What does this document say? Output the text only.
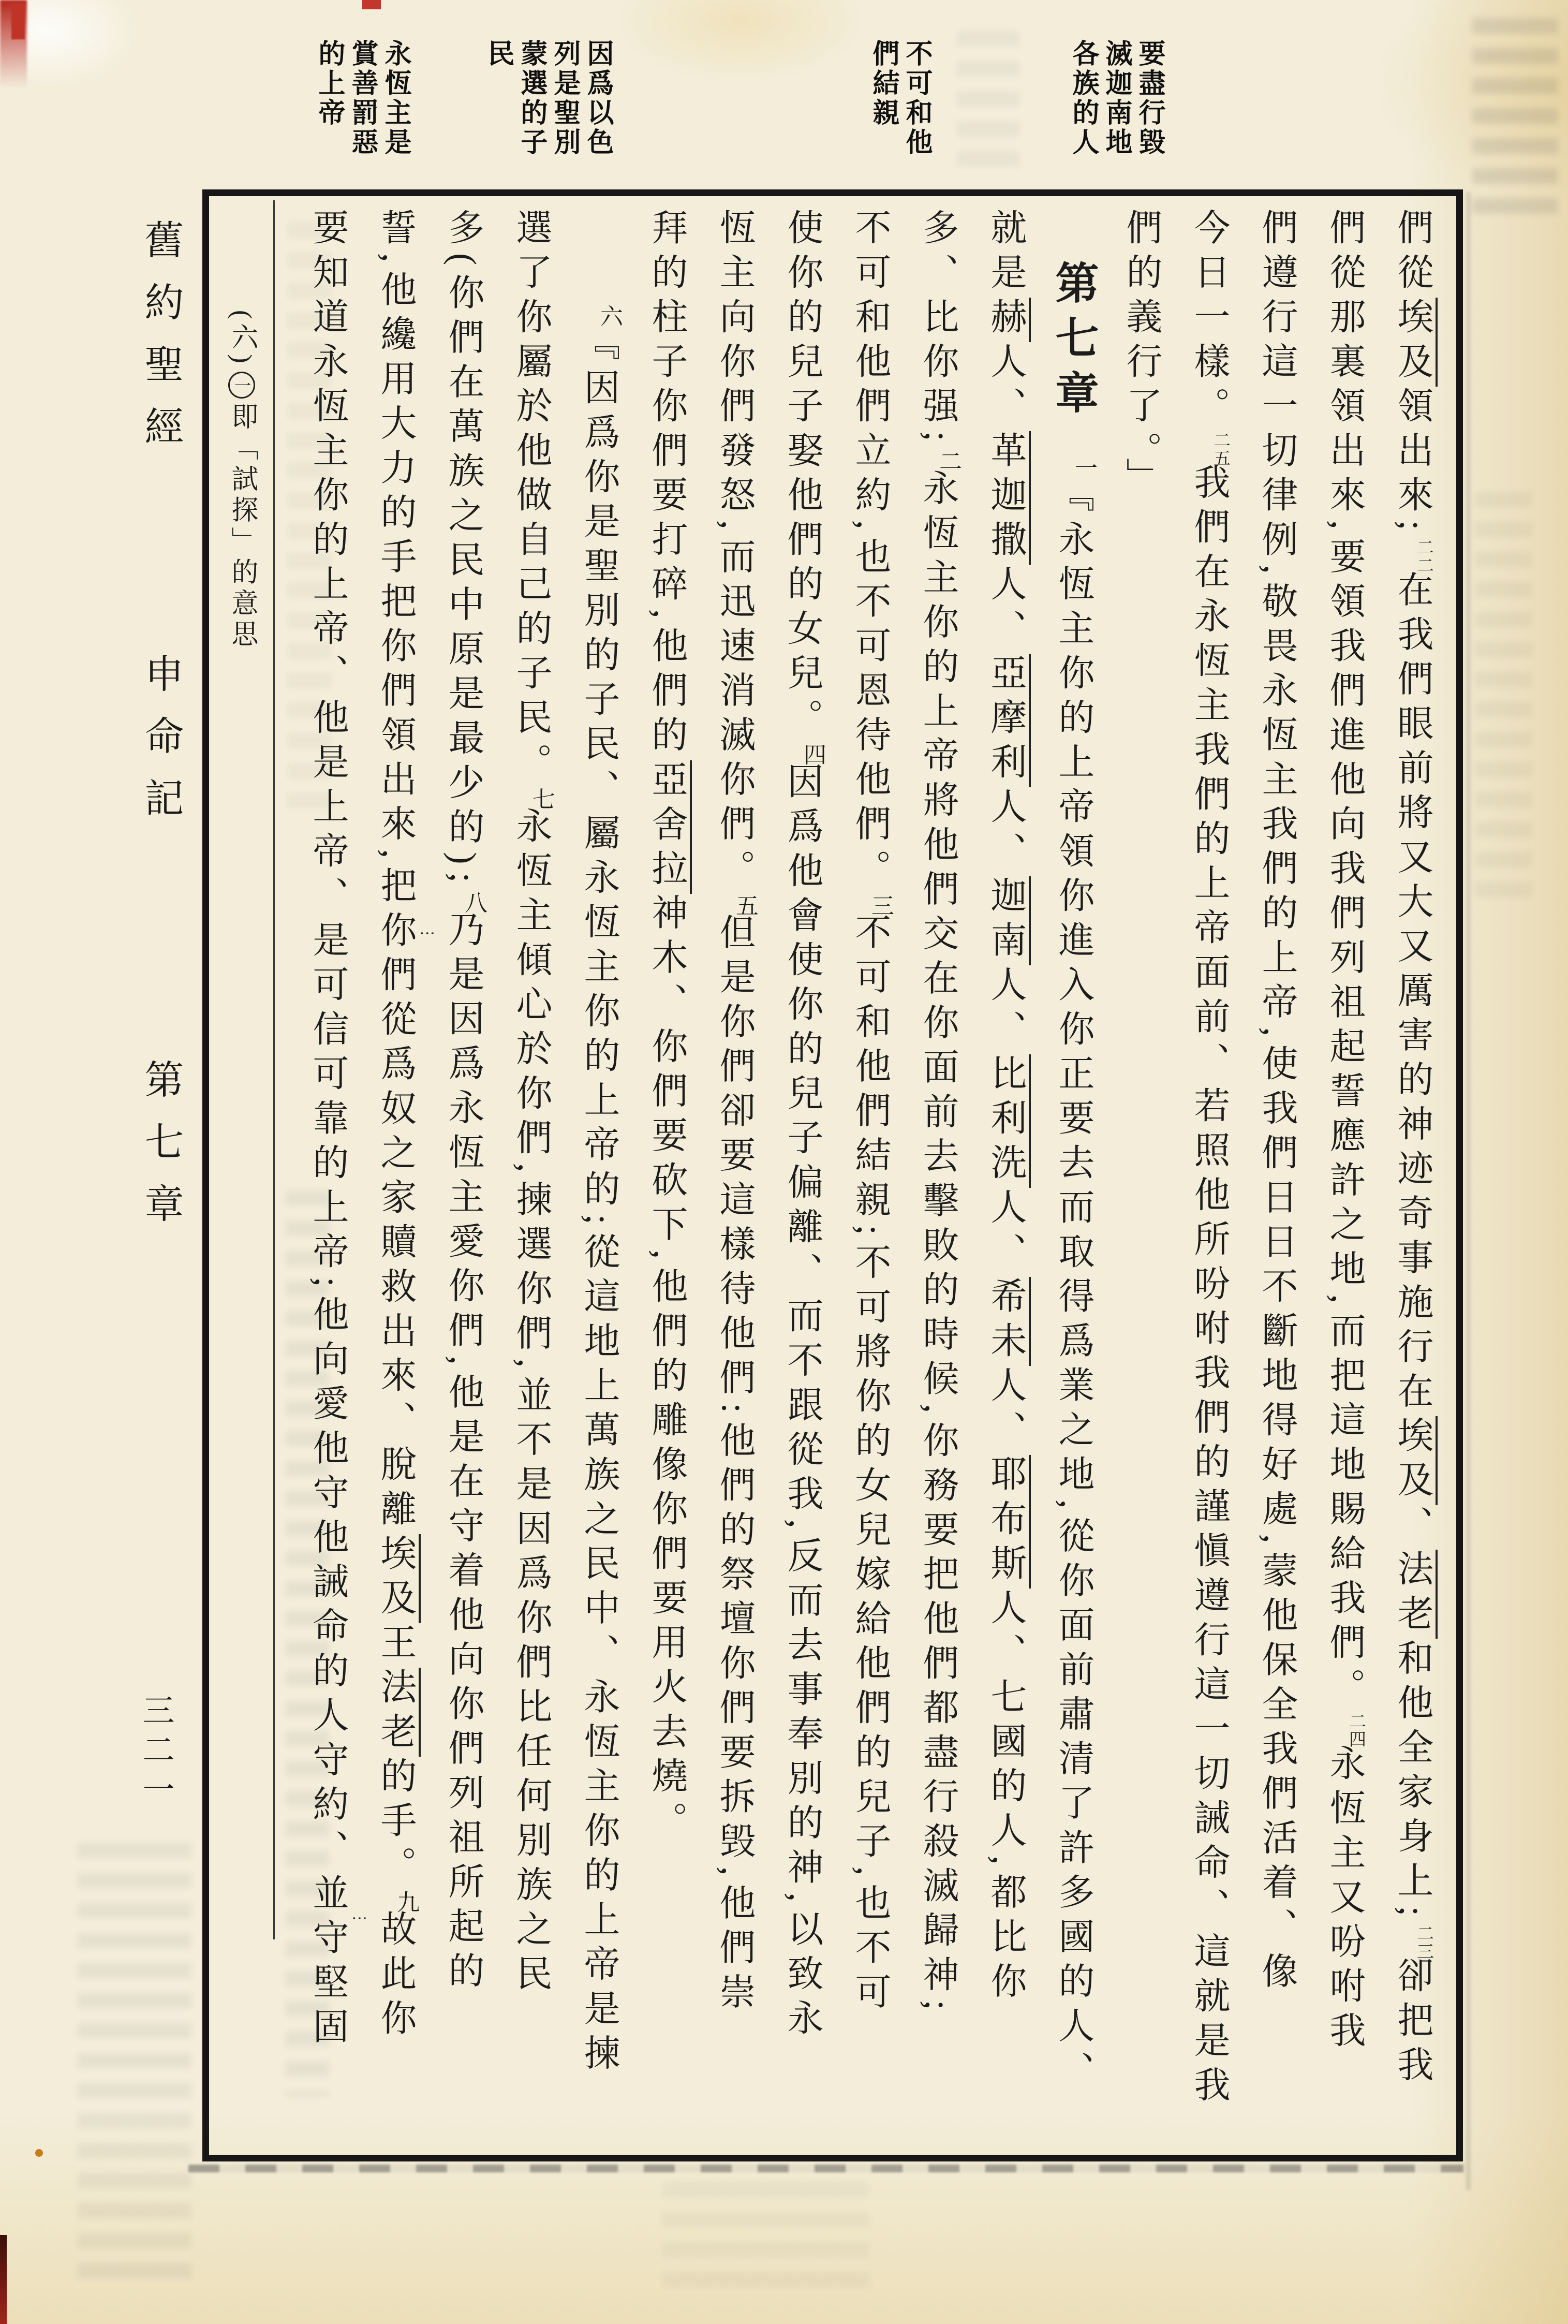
要盡行毀
滅迦南地
各族的人
不可和他
們結親
因爲以色
列是聖別
蒙選的子
民
永恆主是
賞善罰惡
的上帝
舊約聖經
申命記
第七章
三二一
們從埃及領出來;二二在我們眼前將又大又厲害的神迹奇事施行在埃及、法老和他全家身上;二三卻把我
們從那裏領出來,要領我們進他向我們列祖起誓應許之地,而把這地賜給我們。二四永恆主又吩咐我
們遵行這一切律例,敬畏永恆主我們的上帝,使我們日日不斷地得好處,蒙他保全我們活着、像
今日一樣。二五我們在永恆主我們的上帝面前、若照他所吩咐我們的謹愼遵行這一切誡命、這就是我
們的義行了。」
第七章一『永恆主你的上帝領你進入你正要去而取得爲業之地,從你面前肅清了許多國的人、
就是赫人、革迦撒人、亞摩利人、迦南人、比利洗人、希未人、耶布斯人、七國的人,都比你
多、比你强;二永恆主你的上帝將他們交在你面前去擊敗的時候,你務要把他們都盡行殺滅歸神;
不可和他們立約,也不可恩待他們。三不可和他們結親;不可將你的女兒嫁給他們的兒子,也不可
使你的兒子娶他們的女兒。四因爲他會使你的兒子偏離、而不跟從我,反而去事奉別的神,以致永
恆主向你們發怒,而迅速消滅你們。五但是你們卻要這樣待他們:他們的祭壇你們要拆毁,他們崇
拜的柱子你們要打碎,他們的亞舍拉神木、你們要砍下,他們的雕像你們要用火去燒。
六『因爲你是聖別的子民、屬永恆主你的上帝的;從這地上萬族之民中、永恆主你的上帝是揀
選了你屬於他做自己的子民。七永恆主傾心於你們,揀選你們,並不是因爲你們比任何別族之民
多(你們在萬族之民中原是最少的);八乃是因爲永恆主愛你們,他是在守着他向你們列祖所起的
誓,他纔用大力的手把你們領出來,把你們 ⋮從爲奴之家贖救出來、脫離埃及王法老的手。九故此你
要知道永恆主你的上帝、他是上帝、是可信可靠的上帝;他向愛他守他誡命的人守約、並守 ⋮堅固
(六)一即「試探」的意思
